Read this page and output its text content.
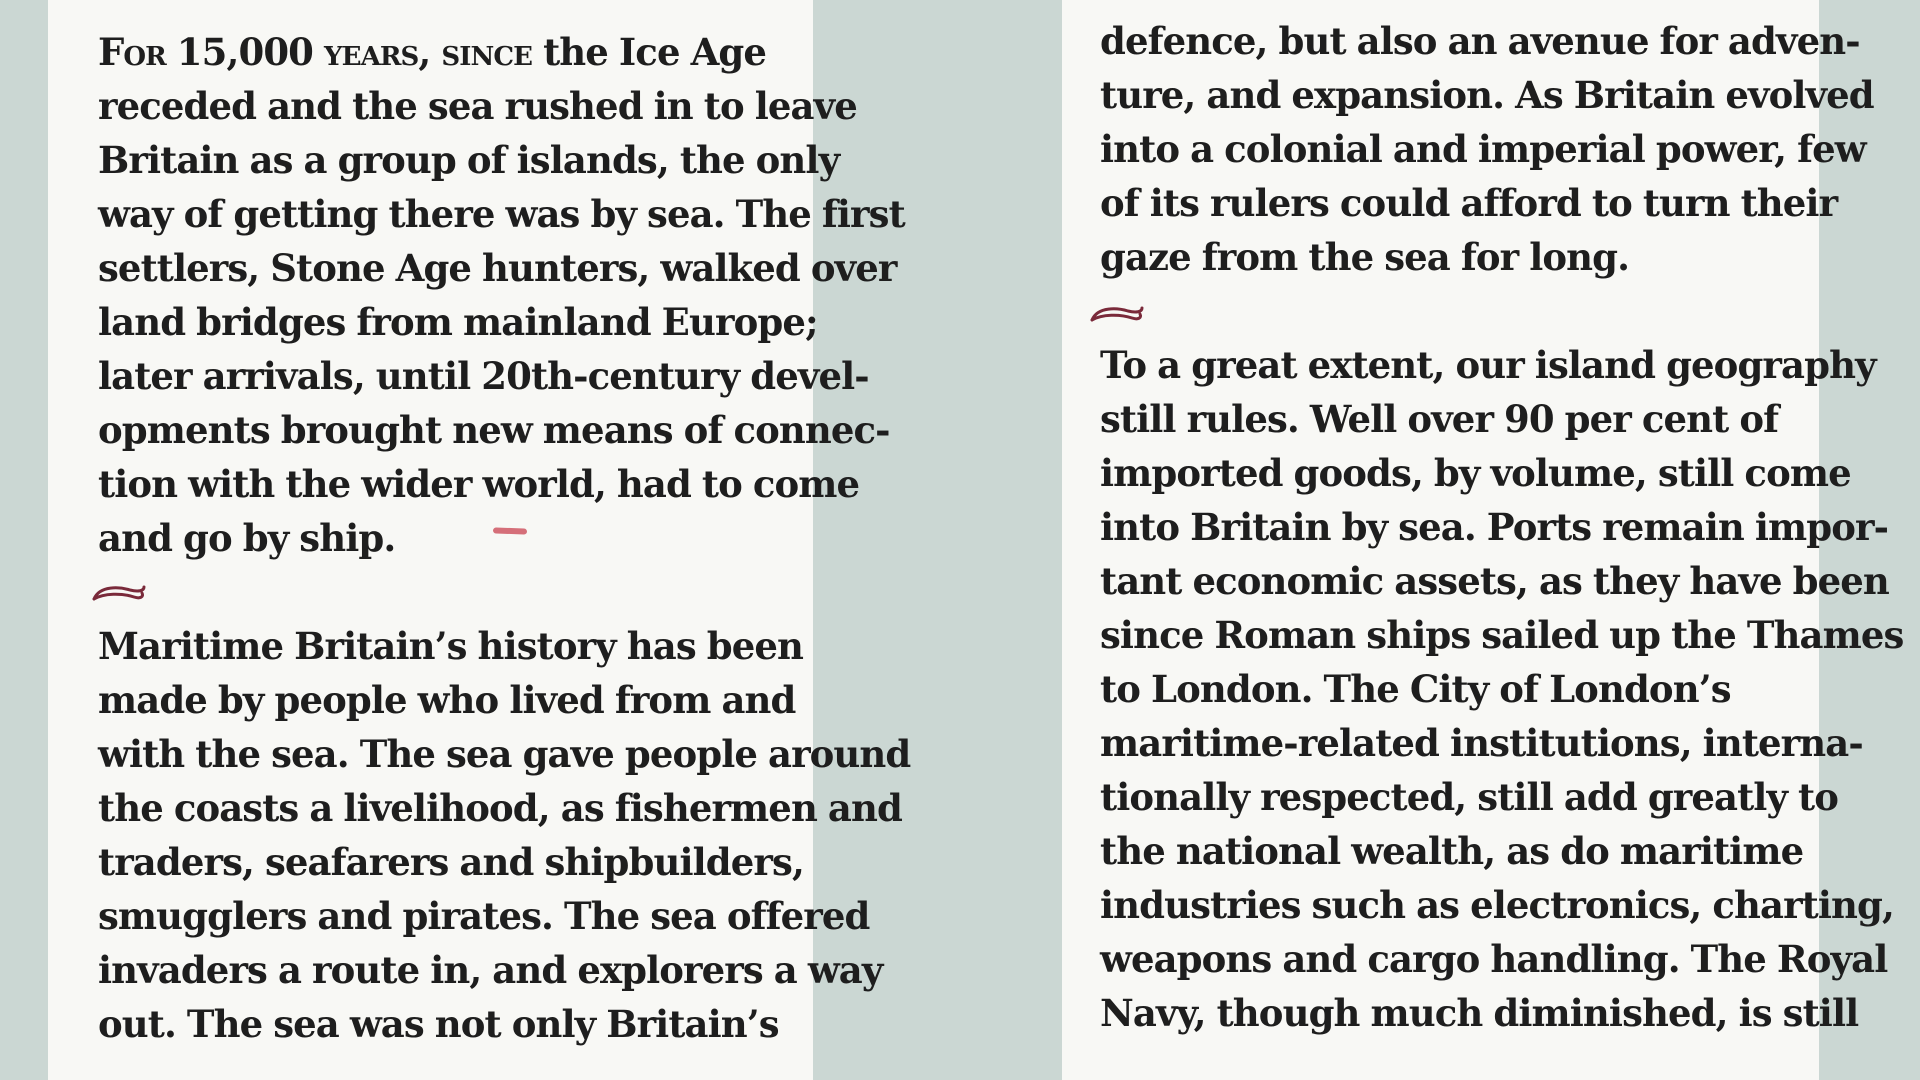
For 15,000 years, since the Ice Age
receded and the sea rushed in to leave
Britain as a group of islands, the only
way of getting there was by sea. The first
settlers, Stone Age hunters, walked over
land bridges from mainland Europe;
later arrivals, until 20th-century devel-
opments brought new means of connec-
tion with the wider world, had to come
and go by ship.

Maritime Britain’s history has been
made by people who lived from and
with the sea. The sea gave people around
the coasts a livelihood, as fishermen and
traders, seafarers and shipbuilders,
smugglers and pirates. The sea offered
invaders a route in, and explorers a way
out. The sea was not only Britain’s

defence, but also an avenue for adven-
ture, and expansion. As Britain evolved
into a colonial and imperial power, few
of its rulers could afford to turn their
gaze from the sea for long.

To a great extent, our island geography
still rules. Well over 90 per cent of
imported goods, by volume, still come
into Britain by sea. Ports remain impor-
tant economic assets, as they have been
since Roman ships sailed up the Thames
to London. The City of London’s
maritime-related institutions, interna-
tionally respected, still add greatly to
the national wealth, as do maritime
industries such as electronics, charting,
weapons and cargo handling. The Royal
Navy, though much diminished, is still
